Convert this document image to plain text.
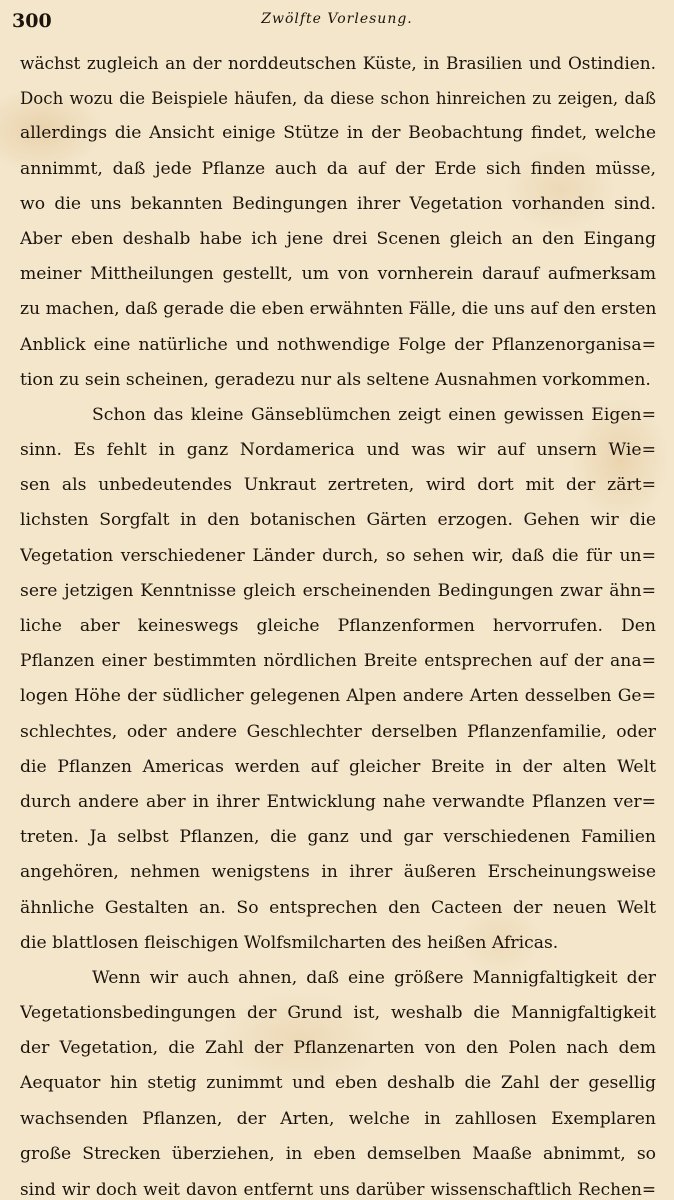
300	Zwölfte Vorlesung.
wächst zugleich an der norddeutschen Küste, in Brasilien und Ostindien.
Doch wozu die Beispiele häufen, da diese schon hinreichen zu zeigen, daß
allerdings die Ansicht einige Stütze in der Beobachtung findet, welche
annimmt, daß jede Pflanze auch da auf der Erde sich finden müsse,
wo die uns bekannten Bedingungen ihrer Vegetation vorhanden sind.
Aber eben deshalb habe ich jene drei Scenen gleich an den Eingang
meiner Mittheilungen gestellt, um von vornherein darauf aufmerksam
zu machen, daß gerade die eben erwähnten Fälle, die uns auf den ersten
Anblick eine natürliche und nothwendige Folge der Pflanzenorganisa=
tion zu sein scheinen, geradezu nur als seltene Ausnahmen vorkommen.
Schon das kleine Gänseblümchen zeigt einen gewissen Eigen=
sinn. Es fehlt in ganz Nordamerica und was wir auf unsern Wie=
sen als unbedeutendes Unkraut zertreten, wird dort mit der zärt=
lichsten Sorgfalt in den botanischen Gärten erzogen. Gehen wir die
Vegetation verschiedener Länder durch, so sehen wir, daß die für un=
sere jetzigen Kenntnisse gleich erscheinenden Bedingungen zwar ähn=
liche aber keineswegs gleiche Pflanzenformen hervorrufen. Den
Pflanzen einer bestimmten nördlichen Breite entsprechen auf der ana=
logen Höhe der südlicher gelegenen Alpen andere Arten desselben Ge=
schlechtes, oder andere Geschlechter derselben Pflanzenfamilie, oder
die Pflanzen Americas werden auf gleicher Breite in der alten Welt
durch andere aber in ihrer Entwicklung nahe verwandte Pflanzen ver=
treten. Ja selbst Pflanzen, die ganz und gar verschiedenen Familien
angehören, nehmen wenigstens in ihrer äußeren Erscheinungsweise
ähnliche Gestalten an. So entsprechen den Cacteen der neuen Welt
die blattlosen fleischigen Wolfsmilcharten des heißen Africas.
Wenn wir auch ahnen, daß eine größere Mannigfaltigkeit der
Vegetationsbedingungen der Grund ist, weshalb die Mannigfaltigkeit
der Vegetation, die Zahl der Pflanzenarten von den Polen nach dem
Aequator hin stetig zunimmt und eben deshalb die Zahl der gesellig
wachsenden Pflanzen, der Arten, welche in zahllosen Exemplaren
große Strecken überziehen, in eben demselben Maaße abnimmt, so
sind wir doch weit davon entfernt uns darüber wissenschaftlich Rechen=
